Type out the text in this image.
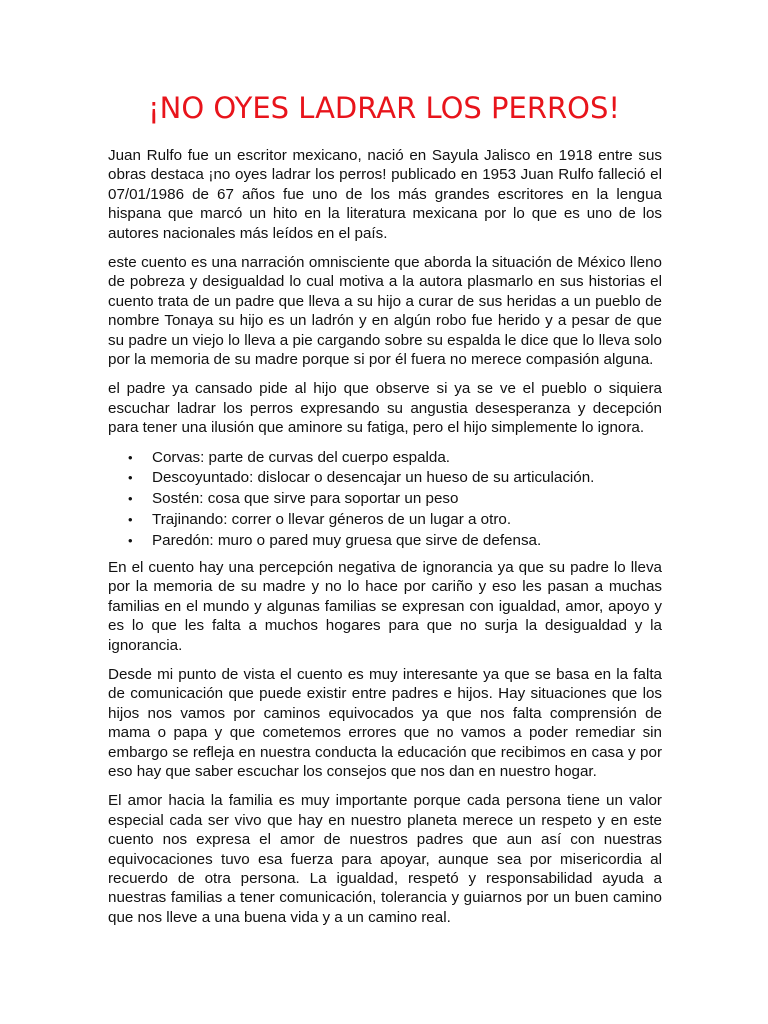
¡NO OYES LADRAR LOS PERROS!

Juan Rulfo fue un escritor mexicano, nació en Sayula Jalisco en 1918 entre sus obras destaca ¡no oyes ladrar los perros! publicado en 1953 Juan Rulfo falleció el 07/01/1986 de 67 años fue uno de los más grandes escritores en la lengua hispana que marcó un hito en la literatura mexicana por lo que es uno de los autores nacionales más leídos en el país.

este cuento es una narración omnisciente que aborda la situación de México lleno de pobreza y desigualdad lo cual motiva a la autora plasmarlo en sus historias el cuento trata de un padre que lleva a su hijo a curar de sus heridas a un pueblo de nombre Tonaya su hijo es un ladrón y en algún robo fue herido y a pesar de que su padre un viejo lo lleva a pie cargando sobre su espalda le dice que lo lleva solo por la memoria de su madre porque si por él fuera no merece compasión alguna.

el padre ya cansado pide al hijo que observe si ya se ve el pueblo o siquiera escuchar ladrar los perros expresando su angustia desesperanza y decepción para tener una ilusión que aminore su fatiga, pero el hijo simplemente lo ignora.

• Corvas: parte de curvas del cuerpo espalda.
• Descoyuntado: dislocar o desencajar un hueso de su articulación.
• Sostén: cosa que sirve para soportar un peso
• Trajinando: correr o llevar géneros de un lugar a otro.
• Paredón: muro o pared muy gruesa que sirve de defensa.

En el cuento hay una percepción negativa de ignorancia ya que su padre lo lleva por la memoria de su madre y no lo hace por cariño y eso les pasan a muchas familias en el mundo y algunas familias se expresan con igualdad, amor, apoyo y es lo que les falta a muchos hogares para que no surja la desigualdad y la ignorancia.

Desde mi punto de vista el cuento es muy interesante ya que se basa en la falta de comunicación que puede existir entre padres e hijos. Hay situaciones que los hijos nos vamos por caminos equivocados ya que nos falta comprensión de mama o papa y que cometemos errores que no vamos a poder remediar sin embargo se refleja en nuestra conducta la educación que recibimos en casa y por eso hay que saber escuchar los consejos que nos dan en nuestro hogar.

El amor hacia la familia es muy importante porque cada persona tiene un valor especial cada ser vivo que hay en nuestro planeta merece un respeto y en este cuento nos expresa el amor de nuestros padres que aun así con nuestras equivocaciones tuvo esa fuerza para apoyar, aunque sea por misericordia al recuerdo de otra persona. La igualdad, respetó y responsabilidad ayuda a nuestras familias a tener comunicación, tolerancia y guiarnos por un buen camino que nos lleve a una buena vida y a un camino real.
